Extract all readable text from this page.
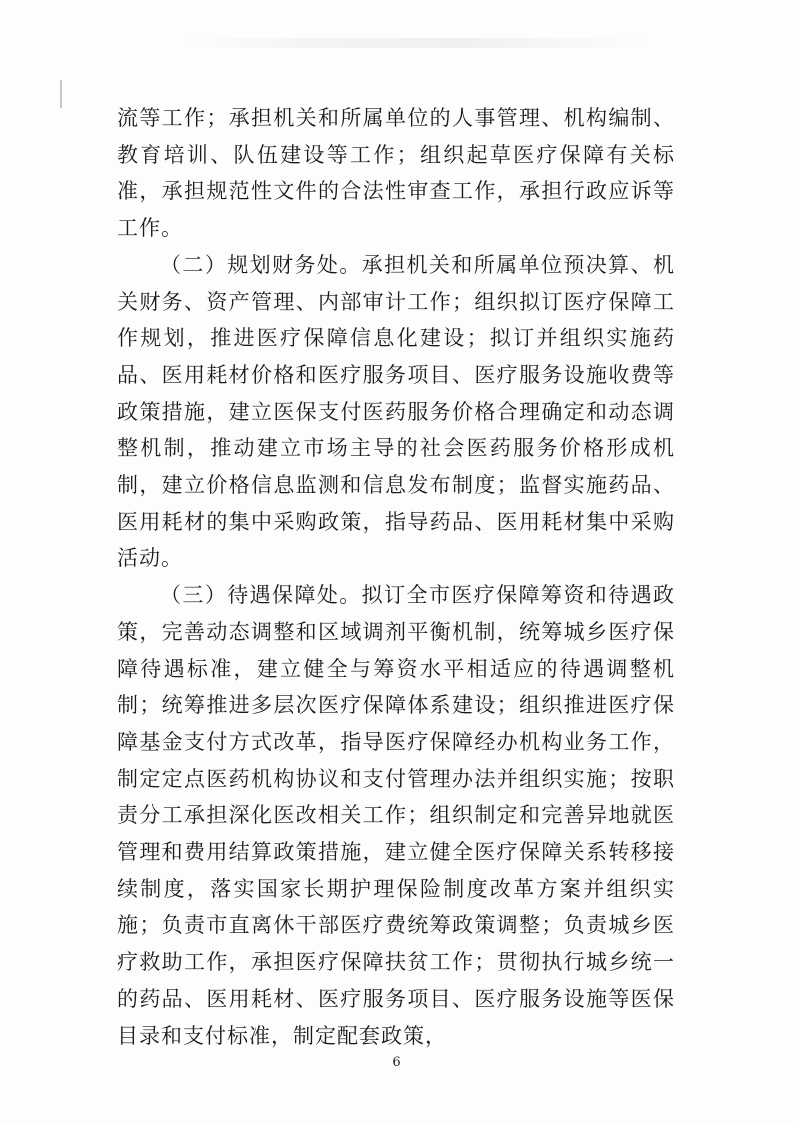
流等工作；承担机关和所属单位的人事管理、机构编制、教育培训、队伍建设等工作；组织起草医疗保障有关标准，承担规范性文件的合法性审查工作，承担行政应诉等工作。

（二）规划财务处。承担机关和所属单位预决算、机关财务、资产管理、内部审计工作；组织拟订医疗保障工作规划，推进医疗保障信息化建设；拟订并组织实施药品、医用耗材价格和医疗服务项目、医疗服务设施收费等政策措施，建立医保支付医药服务价格合理确定和动态调整机制，推动建立市场主导的社会医药服务价格形成机制，建立价格信息监测和信息发布制度；监督实施药品、医用耗材的集中采购政策，指导药品、医用耗材集中采购活动。

（三）待遇保障处。拟订全市医疗保障筹资和待遇政策，完善动态调整和区域调剂平衡机制，统筹城乡医疗保障待遇标准，建立健全与筹资水平相适应的待遇调整机制；统筹推进多层次医疗保障体系建设；组织推进医疗保障基金支付方式改革，指导医疗保障经办机构业务工作，制定定点医药机构协议和支付管理办法并组织实施；按职责分工承担深化医改相关工作；组织制定和完善异地就医管理和费用结算政策措施，建立健全医疗保障关系转移接续制度，落实国家长期护理保险制度改革方案并组织实施；负责市直离休干部医疗费统筹政策调整；负责城乡医疗救助工作，承担医疗保障扶贫工作；贯彻执行城乡统一的药品、医用耗材、医疗服务项目、医疗服务设施等医保目录和支付标准，制定配套政策，

6
